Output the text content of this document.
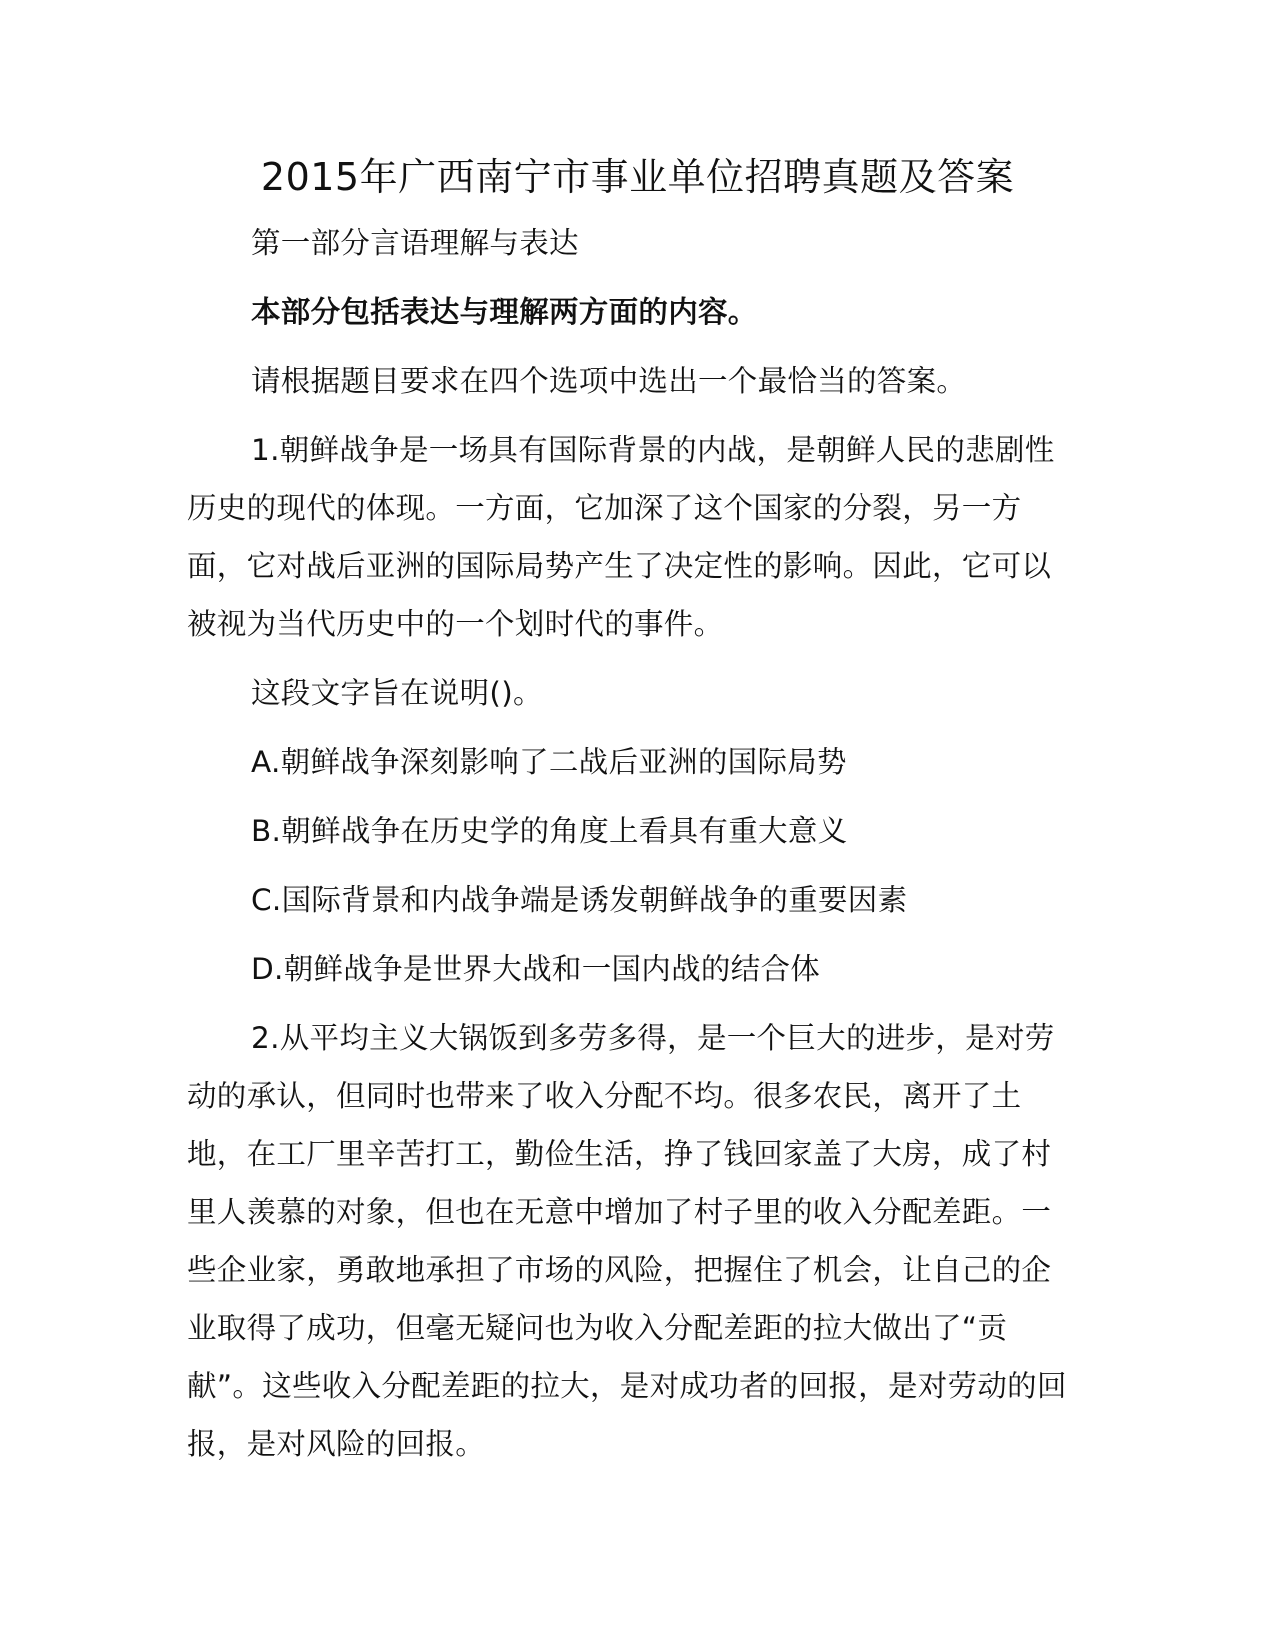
2015年广西南宁市事业单位招聘真题及答案

第一部分言语理解与表达

本部分包括表达与理解两方面的内容。

请根据题目要求在四个选项中选出一个最恰当的答案。

1.朝鲜战争是一场具有国际背景的内战，是朝鲜人民的悲剧性历史的现代的体现。一方面，它加深了这个国家的分裂，另一方面，它对战后亚洲的国际局势产生了决定性的影响。因此，它可以被视为当代历史中的一个划时代的事件。

这段文字旨在说明()。

A.朝鲜战争深刻影响了二战后亚洲的国际局势

B.朝鲜战争在历史学的角度上看具有重大意义

C.国际背景和内战争端是诱发朝鲜战争的重要因素

D.朝鲜战争是世界大战和一国内战的结合体

2.从平均主义大锅饭到多劳多得，是一个巨大的进步，是对劳动的承认，但同时也带来了收入分配不均。很多农民，离开了土地，在工厂里辛苦打工，勤俭生活，挣了钱回家盖了大房，成了村里人羡慕的对象，但也在无意中增加了村子里的收入分配差距。一些企业家，勇敢地承担了市场的风险，把握住了机会，让自己的企业取得了成功，但毫无疑问也为收入分配差距的拉大做出了“贡献”。这些收入分配差距的拉大，是对成功者的回报，是对劳动的回报，是对风险的回报。
